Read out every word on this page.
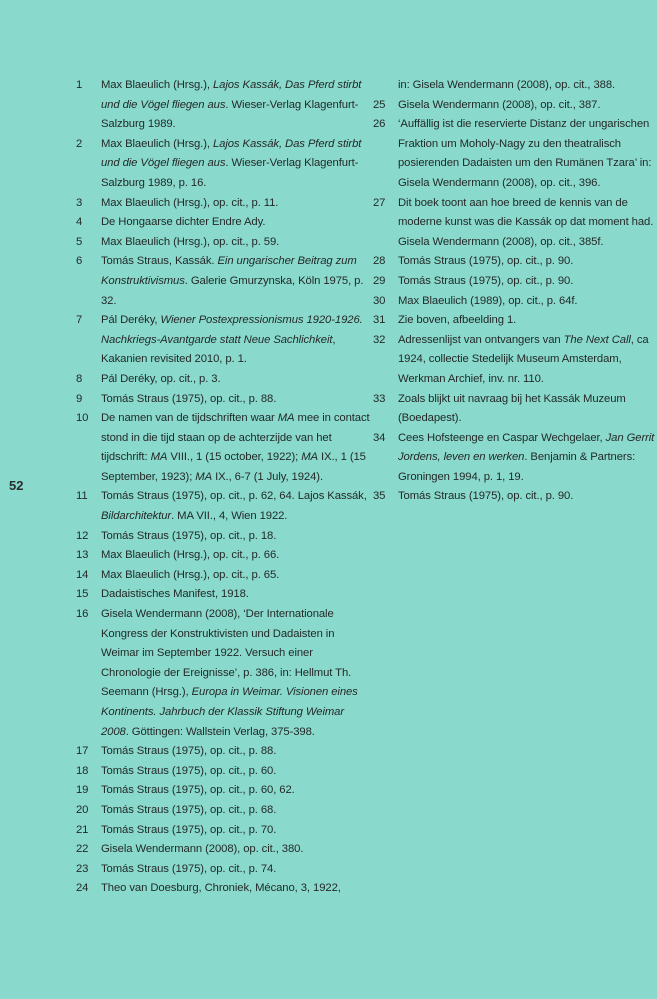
52
1	Max Blaeulich (Hrsg.), Lajos Kassák, Das Pferd stirbt und die Vögel fliegen aus. Wieser-Verlag Klagenfurt-Salzburg 1989.
2	Max Blaeulich (Hrsg.), Lajos Kassák, Das Pferd stirbt und die Vögel fliegen aus. Wieser-Verlag Klagenfurt-Salzburg 1989, p. 16.
3	Max Blaeulich (Hrsg.), op. cit., p. 11.
4	De Hongaarse dichter Endre Ady.
5	Max Blaeulich (Hrsg.), op. cit., p. 59.
6	Tomás Straus, Kassák. Ein ungarischer Beitrag zum Konstruktivismus. Galerie Gmurzynska, Köln 1975, p. 32.
7	Pál Deréky, Wiener Postexpressionismus 1920-1926. Nachkriegs-Avantgarde statt Neue Sachlichkeit, Kakanien revisited 2010, p. 1.
8	Pál Deréky, op. cit., p. 3.
9	Tomás Straus (1975), op. cit., p. 88.
10	De namen van de tijdschriften waar MA mee in contact stond in die tijd staan op de achterzijde van het tijdschrift: MA VIII., 1 (15 october, 1922); MA IX., 1 (15 September, 1923); MA IX., 6-7 (1 July, 1924).
11	Tomás Straus (1975), op. cit., p. 62, 64. Lajos Kassák, Bildarchitektur. MA VII., 4, Wien 1922.
12	Tomás Straus (1975), op. cit., p. 18.
13	Max Blaeulich (Hrsg.), op. cit., p. 66.
14	Max Blaeulich (Hrsg.), op. cit., p. 65.
15	Dadaistisches Manifest, 1918.
16	Gisela Wendermann (2008), ‘Der Internationale Kongress der Konstruktivisten und Dadaisten in Weimar im September 1922. Versuch einer Chronologie der Ereignisse’, p. 386, in: Hellmut Th. Seemann (Hrsg.), Europa in Weimar. Visionen eines Kontinents. Jahrbuch der Klassik Stiftung Weimar 2008. Göttingen: Wallstein Verlag, 375-398.
17	Tomás Straus (1975), op. cit., p. 88.
18	Tomás Straus (1975), op. cit., p. 60.
19	Tomás Straus (1975), op. cit., p. 60, 62.
20	Tomás Straus (1975), op. cit., p. 68.
21	Tomás Straus (1975), op. cit., p. 70.
22	Gisela Wendermann (2008), op. cit., 380.
23	Tomás Straus (1975), op. cit., p. 74.
24	Theo van Doesburg, Chroniek, Mécano, 3, 1922,
in: Gisela Wendermann (2008), op. cit., 388.
25	Gisela Wendermann (2008), op. cit., 387.
26	‘Auffällig ist die reservierte Distanz der ungarischen Fraktion um Moholy-Nagy zu den theatralisch posierenden Dadaisten um den Rumänen Tzara’ in: Gisela Wendermann (2008), op. cit., 396.
27	Dit boek toont aan hoe breed de kennis van de moderne kunst was die Kassák op dat moment had. Gisela Wendermann (2008), op. cit., 385f.
28	Tomás Straus (1975), op. cit., p. 90.
29	Tomás Straus (1975), op. cit., p. 90.
30	Max Blaeulich (1989), op. cit., p. 64f.
31	Zie boven, afbeelding 1.
32	Adressenlijst van ontvangers van The Next Call, ca 1924, collectie Stedelijk Museum Amsterdam, Werkman Archief, inv. nr. 110.
33	Zoals blijkt uit navraag bij het Kassák Muzeum (Boedapest).
34	Cees Hofsteenge en Caspar Wechgelaer, Jan Gerrit Jordens, leven en werken. Benjamin & Partners: Groningen 1994, p. 1, 19.
35	Tomás Straus (1975), op. cit., p. 90.
